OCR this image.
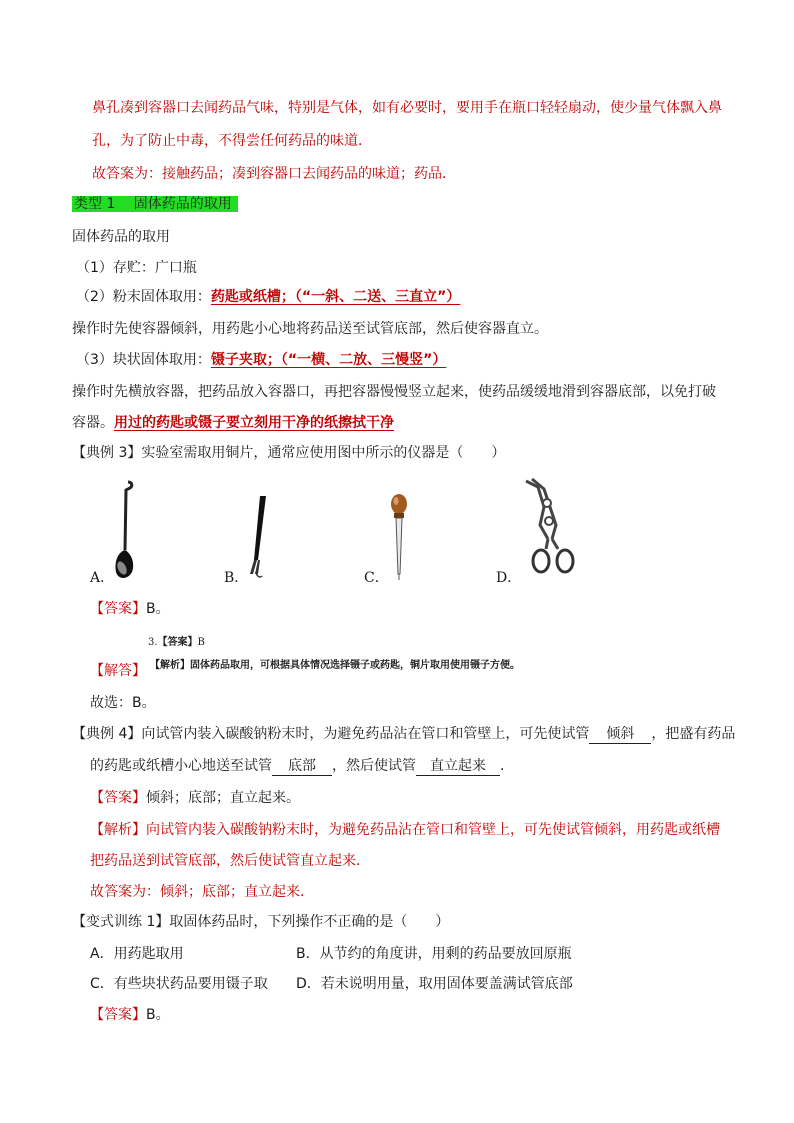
鼻孔凑到容器口去闻药品气味，特别是气体，如有必要时，要用手在瓶口轻轻扇动，使少量气体飘入鼻
孔，为了防止中毒，不得尝任何药品的味道．
故答案为：接触药品；凑到容器口去闻药品的味道；药品．
类型 1　 固体药品的取用
固体药品的取用
（1）存贮：广口瓶
（2）粉末固体取用：药匙或纸槽；（“一斜、二送、三直立”）
操作时先使容器倾斜，用药匙小心地将药品送至试管底部，然后使容器直立。
（3）块状固体取用：镊子夹取；（“一横、二放、三慢竖”）
操作时先横放容器，把药品放入容器口，再把容器慢慢竖立起来，使药品缓缓地滑到容器底部，以免打破
容器。用过的药匙或镊子要立刻用干净的纸擦拭干净
【典例 3】实验室需取用铜片，通常应使用图中所示的仪器是（　　）
A．	B．	C．	D．
【答案】B。
3.【答案】B
【解答】 【解析】固体药品取用，可根据具体情况选择镊子或药匙，铜片取用使用镊子方便。
故选：B。
【典例 4】向试管内装入碳酸钠粉末时，为避免药品沾在管口和管壁上，可先使试管 倾斜 ，把盛有药品
的药匙或纸槽小心地送至试管 底部 ，然后使试管 直立起来 ．
【答案】倾斜；底部；直立起来。
【解析】向试管内装入碳酸钠粉末时，为避免药品沾在管口和管壁上，可先使试管倾斜，用药匙或纸槽
把药品送到试管底部，然后使试管直立起来．
故答案为：倾斜；底部；直立起来．
【变式训练 1】取固体药品时，下列操作不正确的是（　　）
A．用药匙取用	B．从节约的角度讲，用剩的药品要放回原瓶
C．有些块状药品要用镊子取 D．若未说明用量，取用固体要盖满试管底部
【答案】B。
